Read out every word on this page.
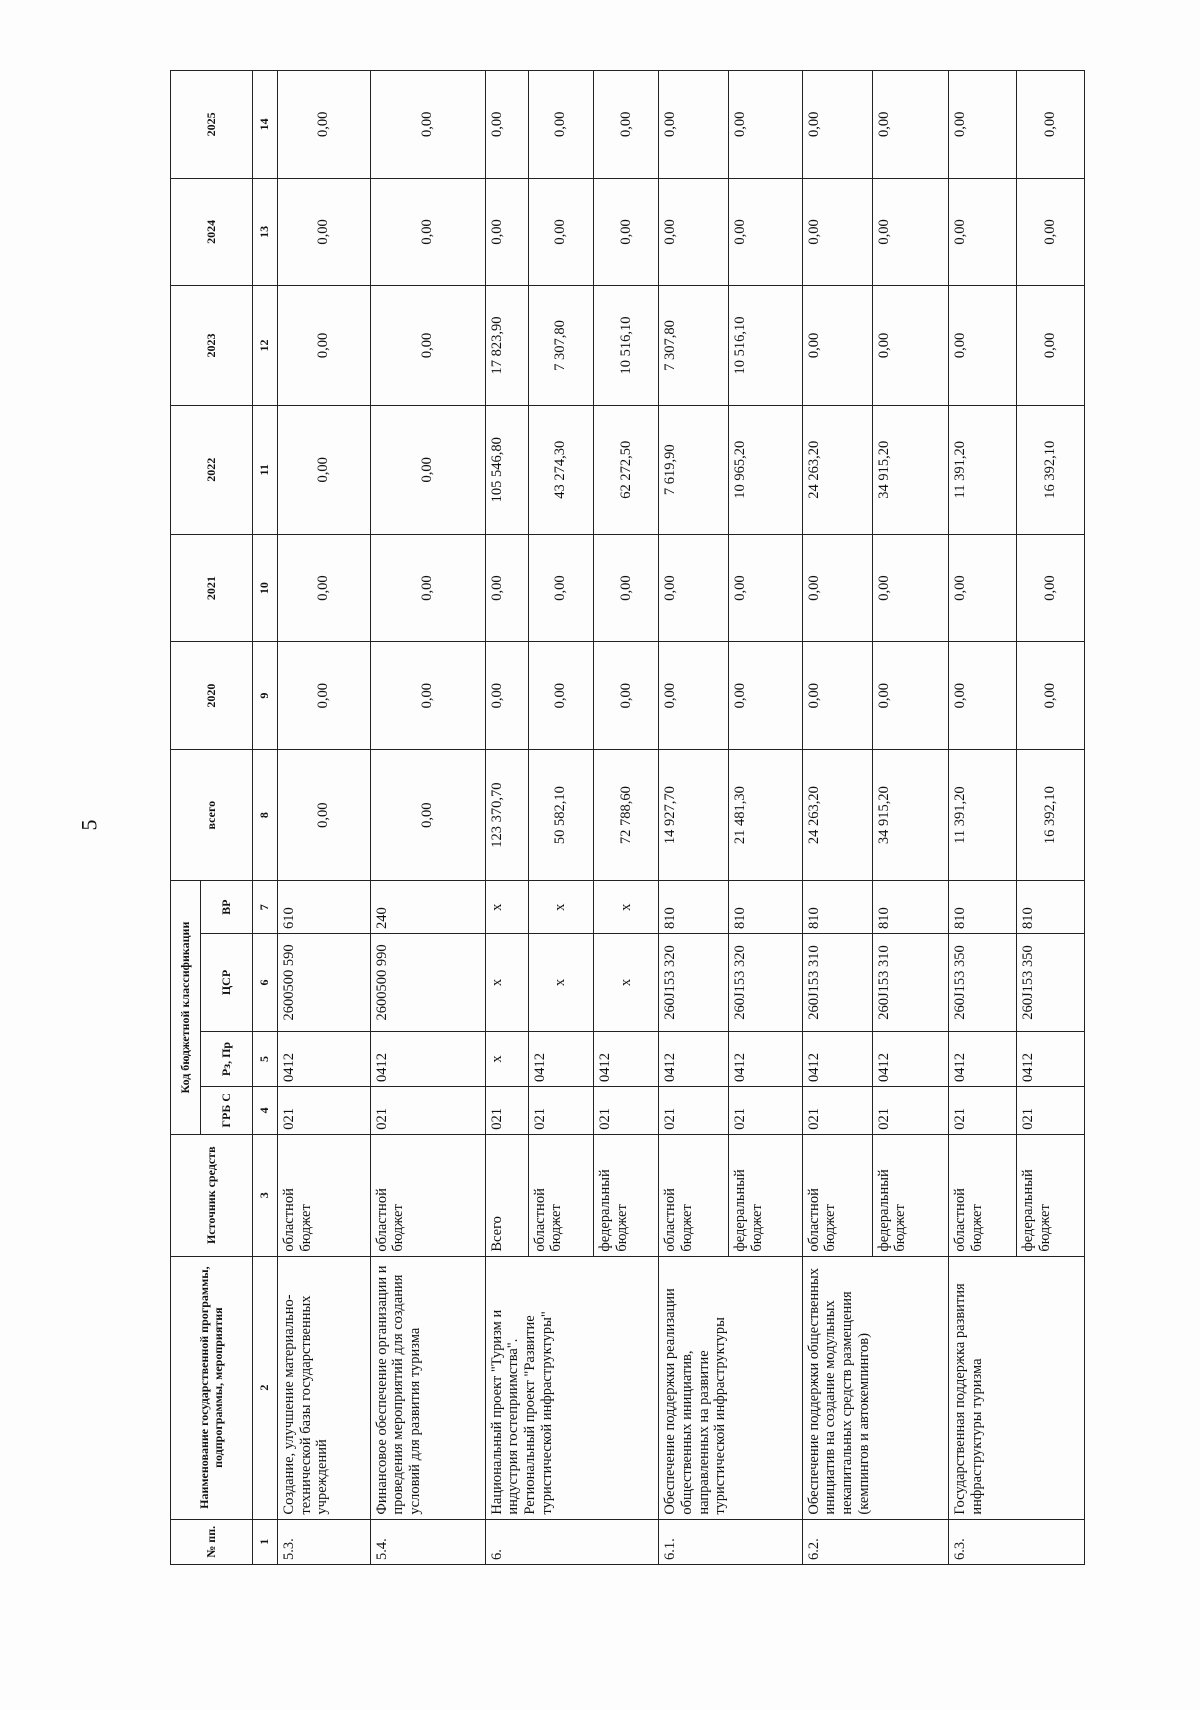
5
№ пп.	Наименование государственной программы, подпрограммы, мероприятия	Источник средств	Код бюджетной классификации				всего	2020	2021	2022	2023	2024	2025
			ГРБ С	Рз, Пр	ЦСР	ВР							
1	2	3	4	5	6	7	8	9	10	11	12	13	14
5.3.	Создание, улучшение материально-технической базы государственных учреждений	областной бюджет	021	0412	2600500 590	610	0,00	0,00	0,00	0,00	0,00	0,00	0,00
5.4.	Финансовое обеспечение организации и проведения мероприятий для создания условий для развития туризма	областной бюджет	021	0412	2600500 990	240	0,00	0,00	0,00	0,00	0,00	0,00	0,00
6.	Национальный проект "Туризм и индустрия гостеприимства". Региональный проект "Развитие туристической инфраструктуры"	Всего	021	x	x	x	123 370,70	0,00	0,00	105 546,80	17 823,90	0,00	0,00
		областной бюджет	021	0412	x	x	50 582,10	0,00	0,00	43 274,30	7 307,80	0,00	0,00
		федеральный бюджет	021	0412	x	x	72 788,60	0,00	0,00	62 272,50	10 516,10	0,00	0,00
6.1.	Обеспечение поддержки реализации общественных инициатив, направленных на развитие туристической инфраструктуры	областной бюджет	021	0412	260J153 320	810	14 927,70	0,00	0,00	7 619,90	7 307,80	0,00	0,00
		федеральный бюджет	021	0412	260J153 320	810	21 481,30	0,00	0,00	10 965,20	10 516,10	0,00	0,00
6.2.	Обеспечение поддержки общественных инициатив на создание модульных некапитальных средств размещения (кемпингов и автокемпингов)	областной бюджет	021	0412	260J153 310	810	24 263,20	0,00	0,00	24 263,20	0,00	0,00	0,00
		федеральный бюджет	021	0412	260J153 310	810	34 915,20	0,00	0,00	34 915,20	0,00	0,00	0,00
6.3.	Государственная поддержка развития инфраструктуры туризма	областной бюджет	021	0412	260J153 350	810	11 391,20	0,00	0,00	11 391,20	0,00	0,00	0,00
		федеральный бюджет	021	0412	260J153 350	810	16 392,10	0,00	0,00	16 392,10	0,00	0,00	0,00
